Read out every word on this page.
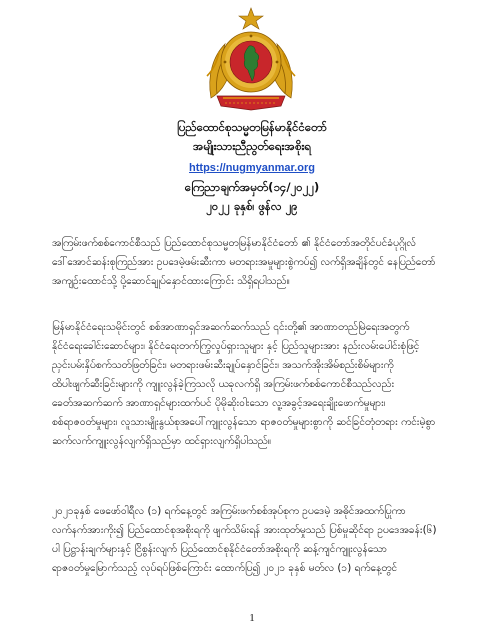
ပြည်ထောင်စုသမ္မတမြန်မာနိုင်ငံတော်
အမျိုးသားညီညွတ်ရေးအစိုးရ
https://nugmyanmar.org
ကြေညာချက်အမှတ်(၁၄/၂၀၂၂)
၂၀၂၂ ခုနှစ်၊ ဖွန်လ ၂၉
အကြမ်းဖက်စစ်ကောင်စီသည် ပြည်ထောင်စုသမ္မတမြန်မာနိုင်ငံတော် ၏ နိုင်ငံတော်အတိုင်ပင်ခံပုဂ္ဂိုလ်
ဒေါ်အောင်ဆန်းစုကြည်အား ဥပဒေမဲ့ဖမ်းဆီးကာ မတရားအမှုများစွဲကပ်၍ လက်ရှိအချိန်တွင် နေပြည်တော်
အကျဉ်းထောင်သို့ ပို့ဆောင်ချုပ်နှောင်ထားကြောင်း သိရှိရပါသည်။
မြန်မာနိုင်ငံရေးသမိုင်းတွင် စစ်အာဏာရှင်အဆက်ဆက်သည် ၎င်းတို့၏ အာဏာတည်မြဲရေးအတွက်
နိုင်ငံရေးခေါင်းဆောင်များ၊ နိုင်ငံရေးတက်ကြွလှုပ်ရှားသူများ နှင့် ပြည်သူများအား နည်းလမ်းပေါင်းစုံဖြင့်
ညှင်းပမ်းနှိပ်စက်သတ်ဖြတ်ခြင်း၊ မတရားဖမ်းဆီးချုပ်နှောင်ခြင်း၊ အသက်အိုးအိမ်စည်းစိမ်များကို
ထိပါးဖျက်ဆီးခြင်းများကို ကျူးလွန်ခဲ့ကြသလို ယခုလက်ရှိ အကြမ်းဖက်စစ်ကောင်စီသည်လည်း
ခေတ်အဆက်ဆက် အာဏာရှင်များထက်ပင် ပိုမိုဆိုးဝါးသော လူ့အခွင့်အရေးချိုးဖောက်မှုများ၊
စစ်ရာဇဝတ်မှုများ၊ လူသားမျိုးနွယ်စုအပေါ်ကျူးလွန်သော ရာဇဝတ်မှုများစွာကို ဆင်ခြင်တုံတရား ကင်းမဲ့စွာ
ဆက်လက်ကျူးလွန်လျက်ရှိသည်မှာ ထင်ရှားလျက်ရှိပါသည်။
၂၀၂၁ခုနှစ် ဖေဖော်ဝါရီလ (၁) ရက်နေ့တွင် အကြမ်းဖက်စစ်အုပ်စုက ဥပဒေမဲ့ အဓိုင်အထက်ပြုကာ
လက်နက်အားကိုး၍ ပြည်ထောင်စုအစိုးရကို ဖျက်သိမ်းရန် အားထုတ်မှုသည် ပြစ်မှုဆိုင်ရာ ဥပဒေအခန်း(၆)
ပါ ပြဋ္ဌာန်းချက်များနှင့် ငြိစွန်းလျက် ပြည်ထောင်စုနိုင်ငံတော်အစိုးရကို ဆန့်ကျင်ကျူးလွန်သော
ရာဇဝတ်မှုမြောက်သည့် လုပ်ရပ်ဖြစ်ကြောင်း ထောက်ပြ၍ ၂၀၂၁ ခုနှစ် မတ်လ (၁) ရက်နေ့တွင်
1
